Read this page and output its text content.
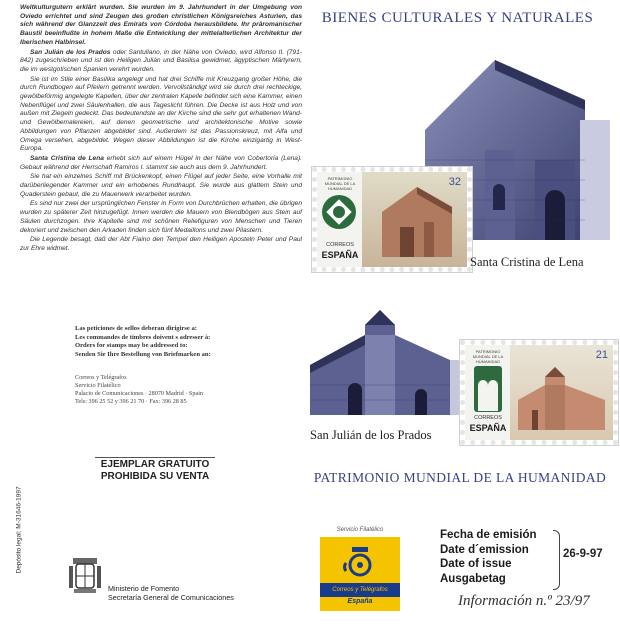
Weltkulturgutern erklärt wurden. Sie wurden im 9. Jahrhundert in der Umgebung von Oviedo errichtet und sind Zeugen des großen christlichen Königsreiches Asturien, das sich während der Glanzzeit des Emirats von Córdoba herausbildete. Ihr präromanischer Baustil beeinflußte in hohem Maße die Entwicklung der mittelalterlichen Architektur der Iberischen Halbinsel.

San Julián de los Prados oder Santullano, in der Nähe von Oviedo, wird Alfonso II. (791-842) zugeschrieben und ist den Heiligen Julián und Basilisa gewidmet, ägyptischen Märtyrern, die im westgotischen Spanien verehrt wurden.

Sie ist im Stile einer Basilika angelegt und hat drei Schiffe mit Kreuzgang großer Höhe, die durch Rundbogen auf Pfeilern getrennt werden. Vervollständigt wird sie durch drei rechteckige, gewölbeförmig angelegte Kapellen, über der zentralen Kapelle befindet sich eine Kammer, einen Nebenflügel und zwei Säulenhallen, die aus Tageslicht führen. Die Decke ist aus Holz und von außen mit Ziegeln gedeckt. Das bedeutendste an der Kirche sind die sehr gut erhaltenen Wand- und Gewölbemalereien, auf denen geometrische und architektonische Motive sowie Abbildungen von Pflanzen abgebildet sind. Außerdem ist das Passionskreuz, mit Alfa und Omega versehen, abgebildet. Wegen dieser Abbildungen ist die Kirche einzigartig in West-Europa.

Santa Cristina de Lena erhebt sich auf einem Hügel in der Nähe von Cobertoria (Lena). Gebaut während der Herrschaft Ramiros I. stammt sie auch aus dem 9. Jahrhundert.

Sie hat ein einzelnes Schiff mit Brückenkopf, einen Flügel auf jeder Seite, eine Vorhalle mit darüberliegender Kammer und ein erhobenes Rundhaupt. Sie wurde aus glattem Stein und Quaderstein gebaut, die zu Mauerwerk verarbeitet wurden.

Es sind nur zwei der ursprünglichen Fenster in Form von Durchbrüchen erhalten, die übrigen wurden zu späterer Zeit hinzugefügt. Innen werden die Mauern von Blendbögen aus Stein auf Säulen durchzogen. Ihre Kapitelle sind mit schönen Reliefiguren von Menschen und Tieren dekoriert und zwischen den Arkaden finden sich fünf Medaillons und zwei Pilastern.

Die Legende besagt, daß der Abt Fiaino den Tempel den Heiligen Aposteln Peter und Paul zur Ehre widmet.

Las peticiones de sellos deberan dirigirse a:
Les commandes de timbres doivent s adresser à:
Orders for stamps may be addressed to:
Senden Sie Ihre Bestellung von Briefmarken an:
Correos y Telégrafos
Servicio Filatélico
Palacio de Comunicaciones · 28070 Madrid · Spain
Tels: 396 25 52 y 396 21 70 · Fax: 396 28 85
EJEMPLAR GRATUITO
PROHIBIDA SU VENTA
Depósito legal: M-31646-1997
Ministerio de Fomento
Secretaría General de Comunicaciones
BIENES CULTURALES Y NATURALES
PATRIMONIO MUNDIAL DE LA HUMANIDAD
CORREOS
ESPAÑA
32
Santa Cristina de Lena
PATRIMONIO MUNDIAL DE LA HUMANIDAD
CORREOS
ESPAÑA
21
San Julián de los Prados
PATRIMONIO MUNDIAL DE LA HUMANIDAD
Servicio Filatélico
Correos y Telégrafos
España
Fecha de emisión
Date d´emission
Date of issue
Ausgabetag
26-9-97
Información n.º 23/97
